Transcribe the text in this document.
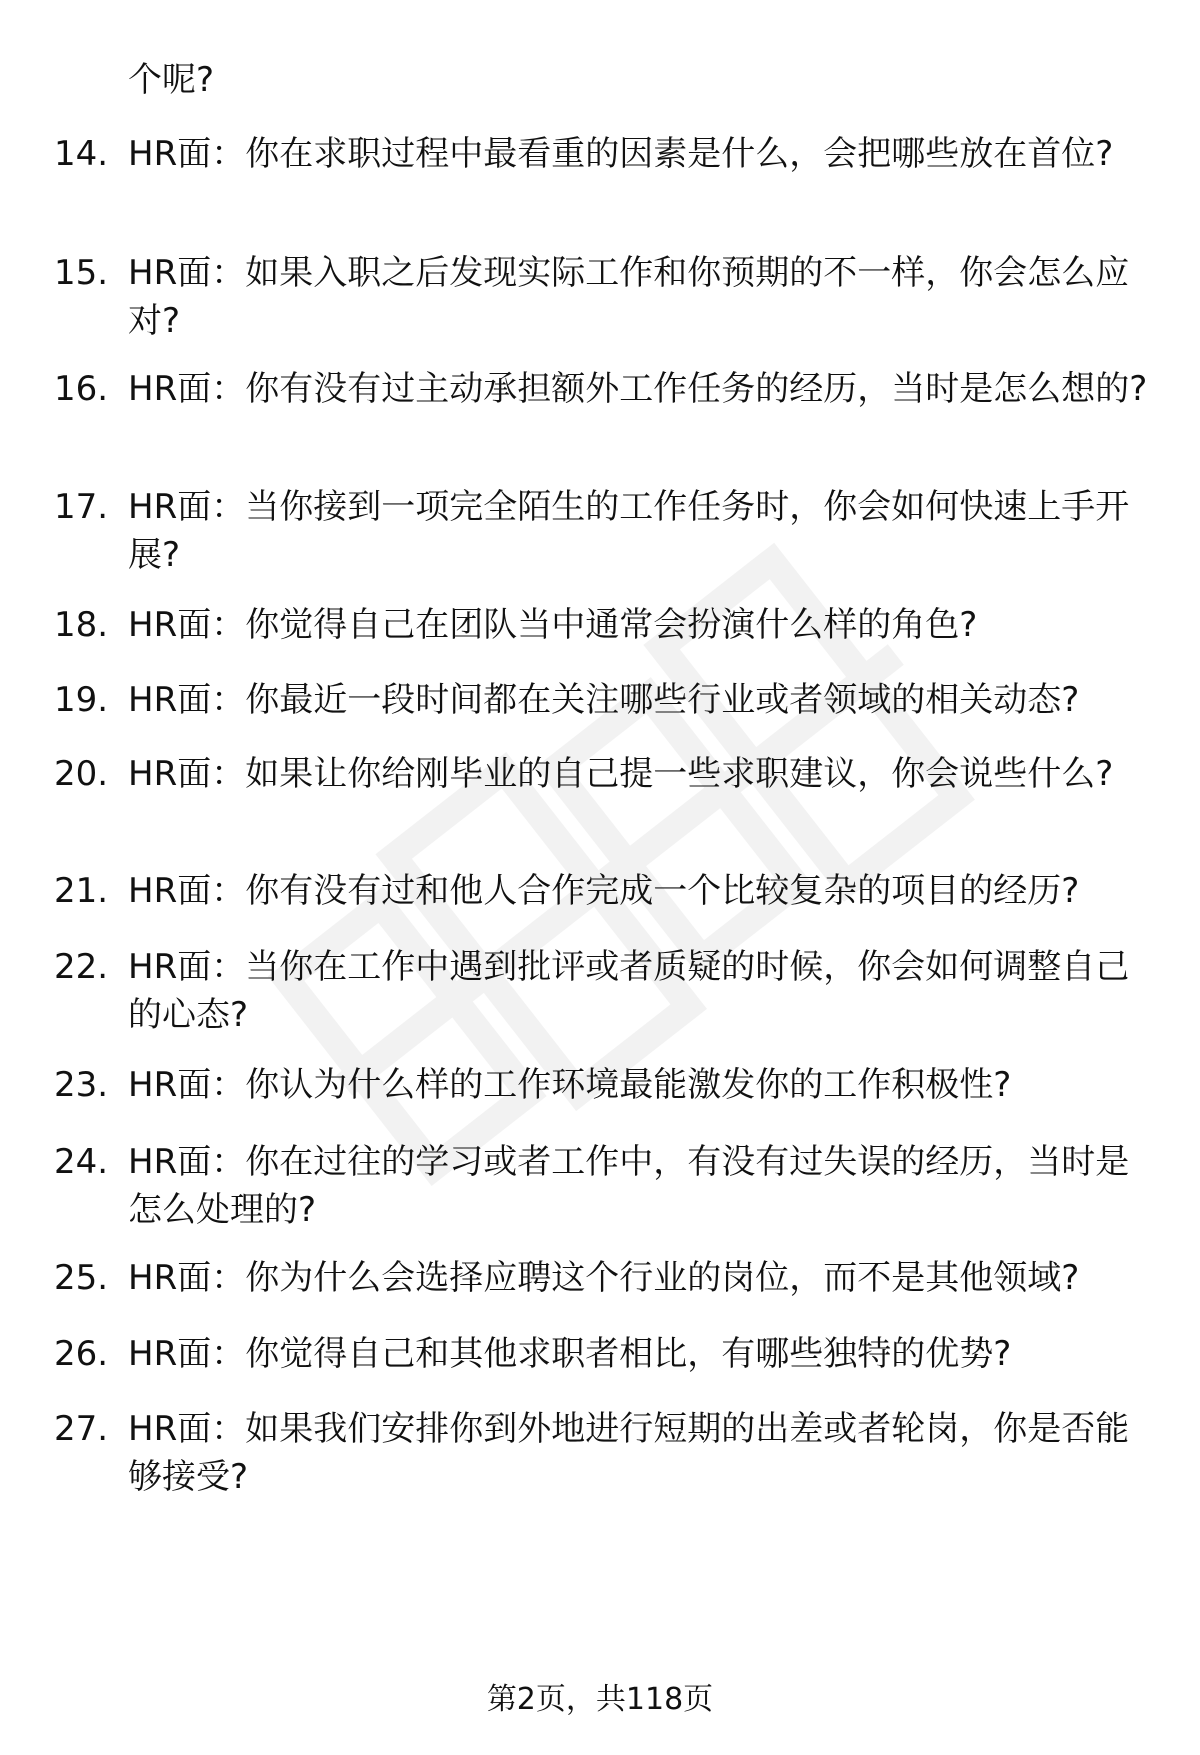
个呢?
14. HR面：你在求职过程中最看重的因素是什么，会把哪些放在首位?
15. HR面：如果入职之后发现实际工作和你预期的不一样，你会怎么应对?
16. HR面：你有没有过主动承担额外工作任务的经历，当时是怎么想的?
17. HR面：当你接到一项完全陌生的工作任务时，你会如何快速上手开展?
18. HR面：你觉得自己在团队当中通常会扮演什么样的角色?
19. HR面：你最近一段时间都在关注哪些行业或者领域的相关动态?
20. HR面：如果让你给刚毕业的自己提一些求职建议，你会说些什么?
21. HR面：你有没有过和他人合作完成一个比较复杂的项目的经历?
22. HR面：当你在工作中遇到批评或者质疑的时候，你会如何调整自己的心态?
23. HR面：你认为什么样的工作环境最能激发你的工作积极性?
24. HR面：你在过往的学习或者工作中，有没有过失误的经历，当时是怎么处理的?
25. HR面：你为什么会选择应聘这个行业的岗位，而不是其他领域?
26. HR面：你觉得自己和其他求职者相比，有哪些独特的优势?
27. HR面：如果我们安排你到外地进行短期的出差或者轮岗，你是否能够接受?
第2页，共118页
